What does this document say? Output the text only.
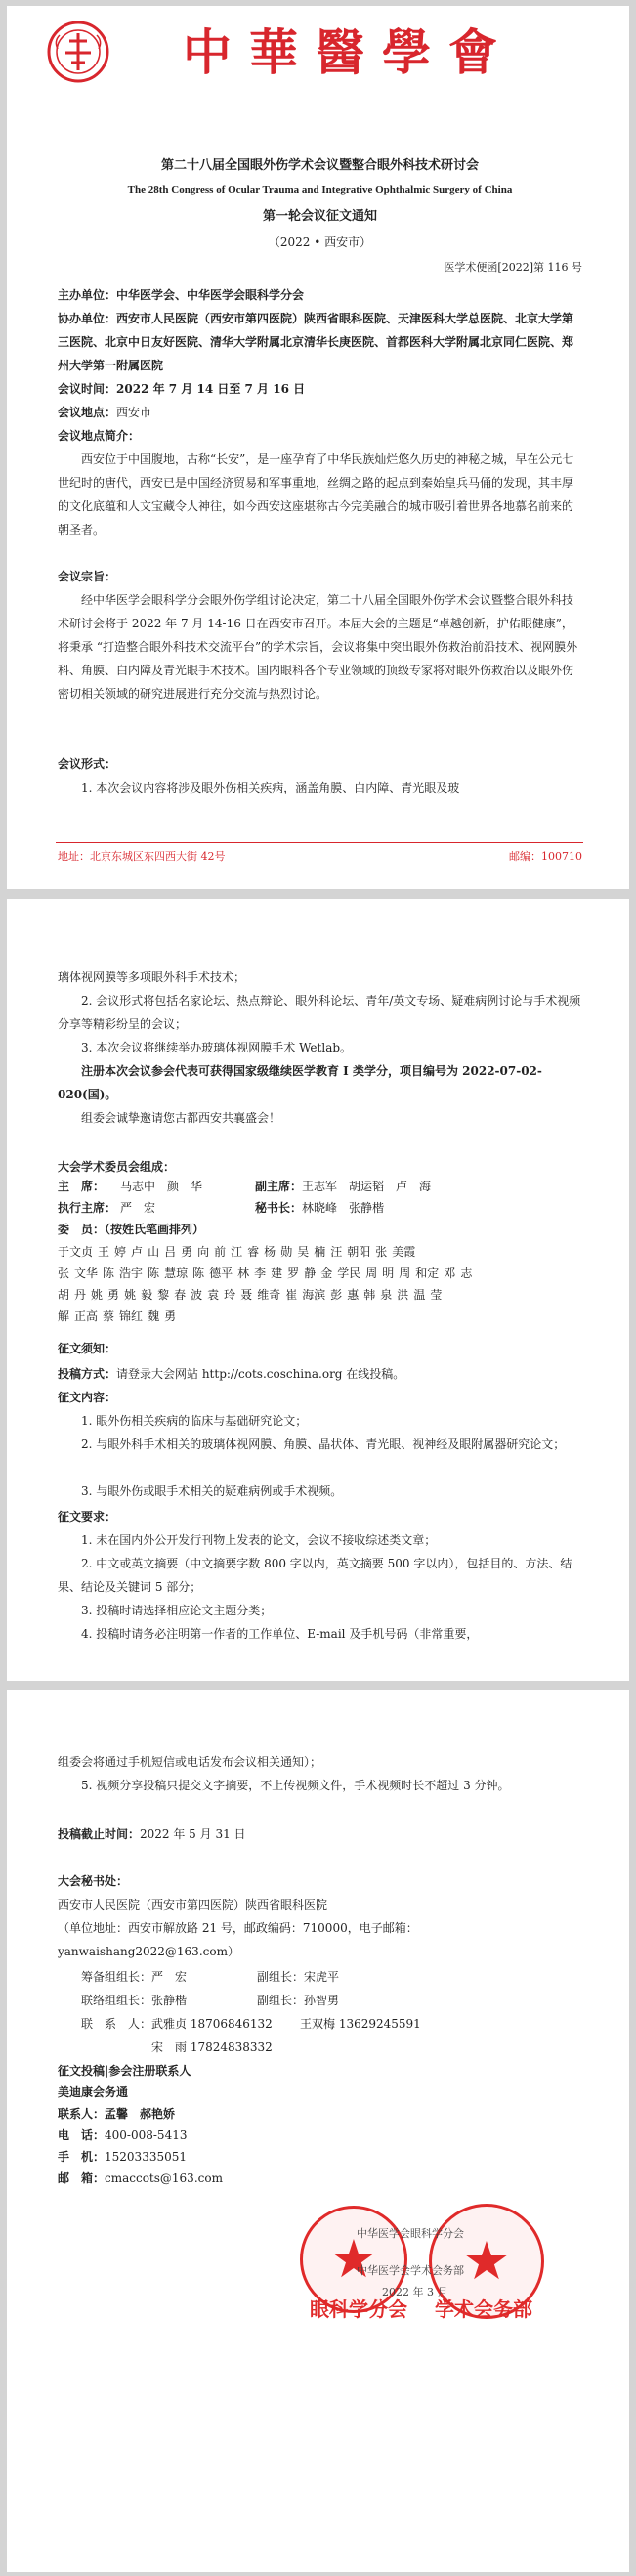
中華醫學會
第二十八届全国眼外伤学术会议暨整合眼外科技术研讨会
The 28th Congress of Ocular Trauma and Integrative Ophthalmic Surgery of China
第一轮会议征文通知
（2022 • 西安市）
医学术便函[2022]第 116 号
主办单位：中华医学会、中华医学会眼科学分会
协办单位：西安市人民医院（西安市第四医院）陕西省眼科医院、天津医科大学总医院、北京大学第三医院、北京中日友好医院、清华大学附属北京清华长庚医院、首都医科大学附属北京同仁医院、郑州大学第一附属医院
会议时间：2022 年 7 月 14 日至 7 月 16 日
会议地点：西安市
会议地点简介：
西安位于中国腹地，古称“长安”，是一座孕育了中华民族灿烂悠久历史的神秘之城，早在公元七世纪时的唐代，西安已是中国经济贸易和军事重地，丝绸之路的起点到秦始皇兵马俑的发现，其丰厚的文化底蕴和人文宝藏令人神往，如今西安这座堪称古今完美融合的城市吸引着世界各地慕名前来的朝圣者。
会议宗旨：
经中华医学会眼科学分会眼外伤学组讨论决定，第二十八届全国眼外伤学术会议暨整合眼外科技术研讨会将于 2022 年 7 月 14-16 日在西安市召开。本届大会的主题是“卓越创新，护佑眼健康”，将秉承 “打造整合眼外科技术交流平台”的学术宗旨，会议将集中突出眼外伤救治前沿技术、视网膜外科、角膜、白内障及青光眼手术技术。国内眼科各个专业领域的顶级专家将对眼外伤救治以及眼外伤密切相关领域的研究进展进行充分交流与热烈讨论。
会议形式：
1. 本次会议内容将涉及眼外伤相关疾病，涵盖角膜、白内障、青光眼及玻
地址：北京东城区东四西大街 42号	邮编：100710
璃体视网膜等多项眼外科手术技术；
2. 会议形式将包括名家论坛、热点辩论、眼外科论坛、青年/英文专场、疑难病例讨论与手术视频分享等精彩纷呈的会议；
3. 本次会议将继续举办玻璃体视网膜手术 Wetlab。
注册本次会议参会代表可获得国家级继续医学教育 I 类学分，项目编号为 2022-07-02-020(国)。
组委会诚挚邀请您古都西安共襄盛会！
大会学术委员会组成：
主　席： 马志中　颜　华	副主席：王志军　胡运韬　卢　海
执行主席： 严　宏	秘书长：林晓峰　张静楷
委　员：（按姓氏笔画排列）
于文贞 王 婷 卢 山 吕 勇 向 前 江 睿 杨 勋 吴 楠 汪 朝阳 张 美霞
张 文华 陈 浩宇 陈 慧琼 陈 德平 林 李 建 罗 静 金 学民 周 明 周 和定 邓 志
胡 丹 姚 勇 姚 毅 黎 春 波 袁 玲 聂 维奇 崔 海滨 彭 惠 韩 泉 洪 温 莹
解 正高 蔡 锦红 魏 勇
征文须知：
投稿方式：请登录大会网站 http://cots.coschina.org 在线投稿。
征文内容：
1. 眼外伤相关疾病的临床与基础研究论文；
2. 与眼外科手术相关的玻璃体视网膜、角膜、晶状体、青光眼、视神经及眼附属器研究论文；
3. 与眼外伤或眼手术相关的疑难病例或手术视频。
征文要求：
1. 未在国内外公开发行刊物上发表的论文，会议不接收综述类文章；
2. 中文或英文摘要（中文摘要字数 800 字以内，英文摘要 500 字以内），包括目的、方法、结果、结论及关键词 5 部分；
3. 投稿时请选择相应论文主题分类；
4. 投稿时请务必注明第一作者的工作单位、E-mail 及手机号码（非常重要，
组委会将通过手机短信或电话发布会议相关通知）；
5. 视频分享投稿只提交文字摘要，不上传视频文件，手术视频时长不超过 3 分钟。
投稿截止时间：2022 年 5 月 31 日
大会秘书处：
西安市人民医院（西安市第四医院）陕西省眼科医院
（单位地址：西安市解放路 21 号，邮政编码：710000，电子邮箱：
yanwaishang2022@163.com）
筹备组组长：严　宏	副组长：宋虎平
联络组组长：张静楷	副组长：孙智勇
联　系　人：武雅贞 18706846132 王双梅 13629245591
宋　雨 17824838332
征文投稿|参会注册联系人
美迪康会务通
联系人：孟馨　郝艳娇
电　话：400-008-5413
手　机：15203335051
邮　箱：cmaccots@163.com
★ ★
中华医学会眼科学分会
中华医学会学术会务部
2022 年 3 月
眼科学分会 学术会务部
